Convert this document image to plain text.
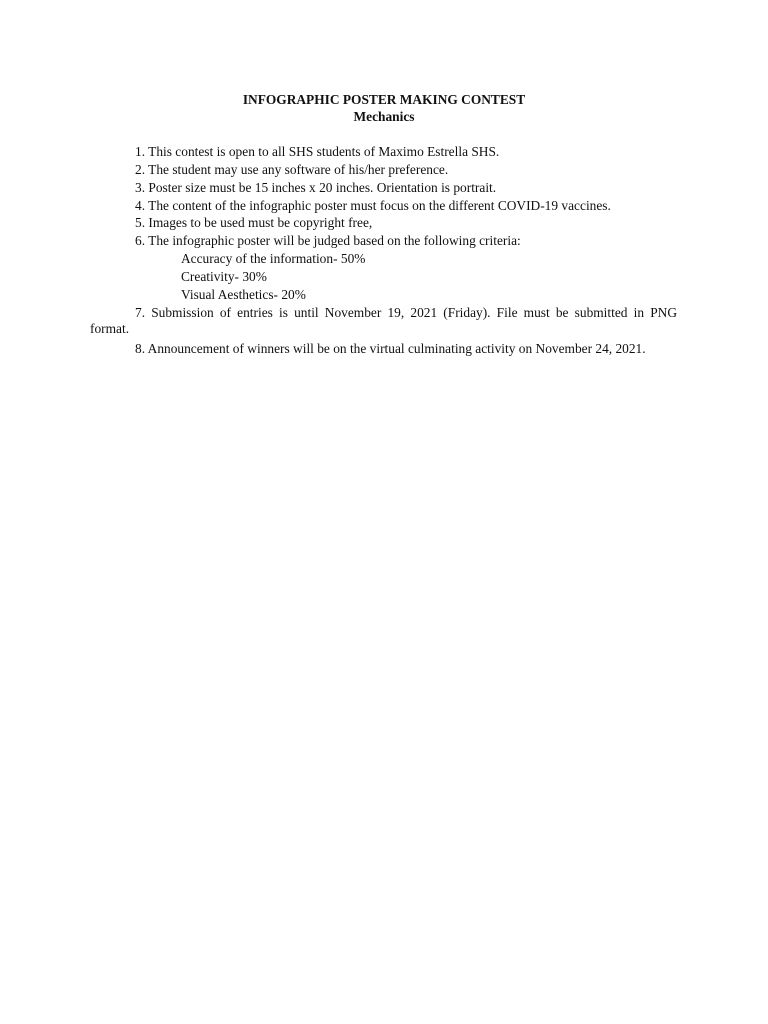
INFOGRAPHIC POSTER MAKING CONTEST
Mechanics
1. This contest is open to all SHS students of Maximo Estrella SHS.
2. The student may use any software of his/her preference.
3. Poster size must be 15 inches x 20 inches. Orientation is portrait.
4. The content of the infographic poster must focus on the different COVID-19 vaccines.
5. Images to be used must be copyright free,
6. The infographic poster will be judged based on the following criteria:
Accuracy of the information- 50%
Creativity- 30%
Visual Aesthetics- 20%
7. Submission of entries is until November 19, 2021 (Friday). File must be submitted in PNG format.
8. Announcement of winners will be on the virtual culminating activity on November 24, 2021.
